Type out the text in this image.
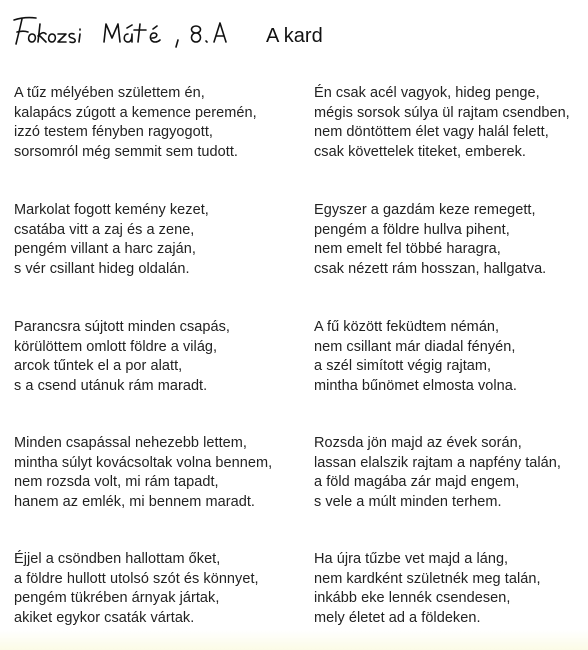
A kard
A tűz mélyében születtem én,
kalapács zúgott a kemence peremén,
izzó testem fényben ragyogott,
sorsomról még semmit sem tudott.
Markolat fogott kemény kezet,
csatába vitt a zaj és a zene,
pengém villant a harc zaján,
s vér csillant hideg oldalán.
Parancsra sújtott minden csapás,
körülöttem omlott földre a világ,
arcok tűntek el a por alatt,
s a csend utánuk rám maradt.
Minden csapással nehezebb lettem,
mintha súlyt kovácsoltak volna bennem,
nem rozsda volt, mi rám tapadt,
hanem az emlék, mi bennem maradt.
Éjjel a csöndben hallottam őket,
a földre hullott utolsó szót és könnyet,
pengém tükrében árnyak jártak,
akiket egykor csaták vártak.
Én csak acél vagyok, hideg penge,
mégis sorsok súlya ül rajtam csendben,
nem döntöttem élet vagy halál felett,
csak követtelek titeket, emberek.
Egyszer a gazdám keze remegett,
pengém a földre hullva pihent,
nem emelt fel többé haragra,
csak nézett rám hosszan, hallgatva.
A fű között feküdtem némán,
nem csillant már diadal fényén,
a szél simított végig rajtam,
mintha bűnömet elmosta volna.
Rozsda jön majd az évek során,
lassan elalszik rajtam a napfény talán,
a föld magába zár majd engem,
s vele a múlt minden terhem.
Ha újra tűzbe vet majd a láng,
nem kardként születnék meg talán,
inkább eke lennék csendesen,
mely életet ad a földeken.
